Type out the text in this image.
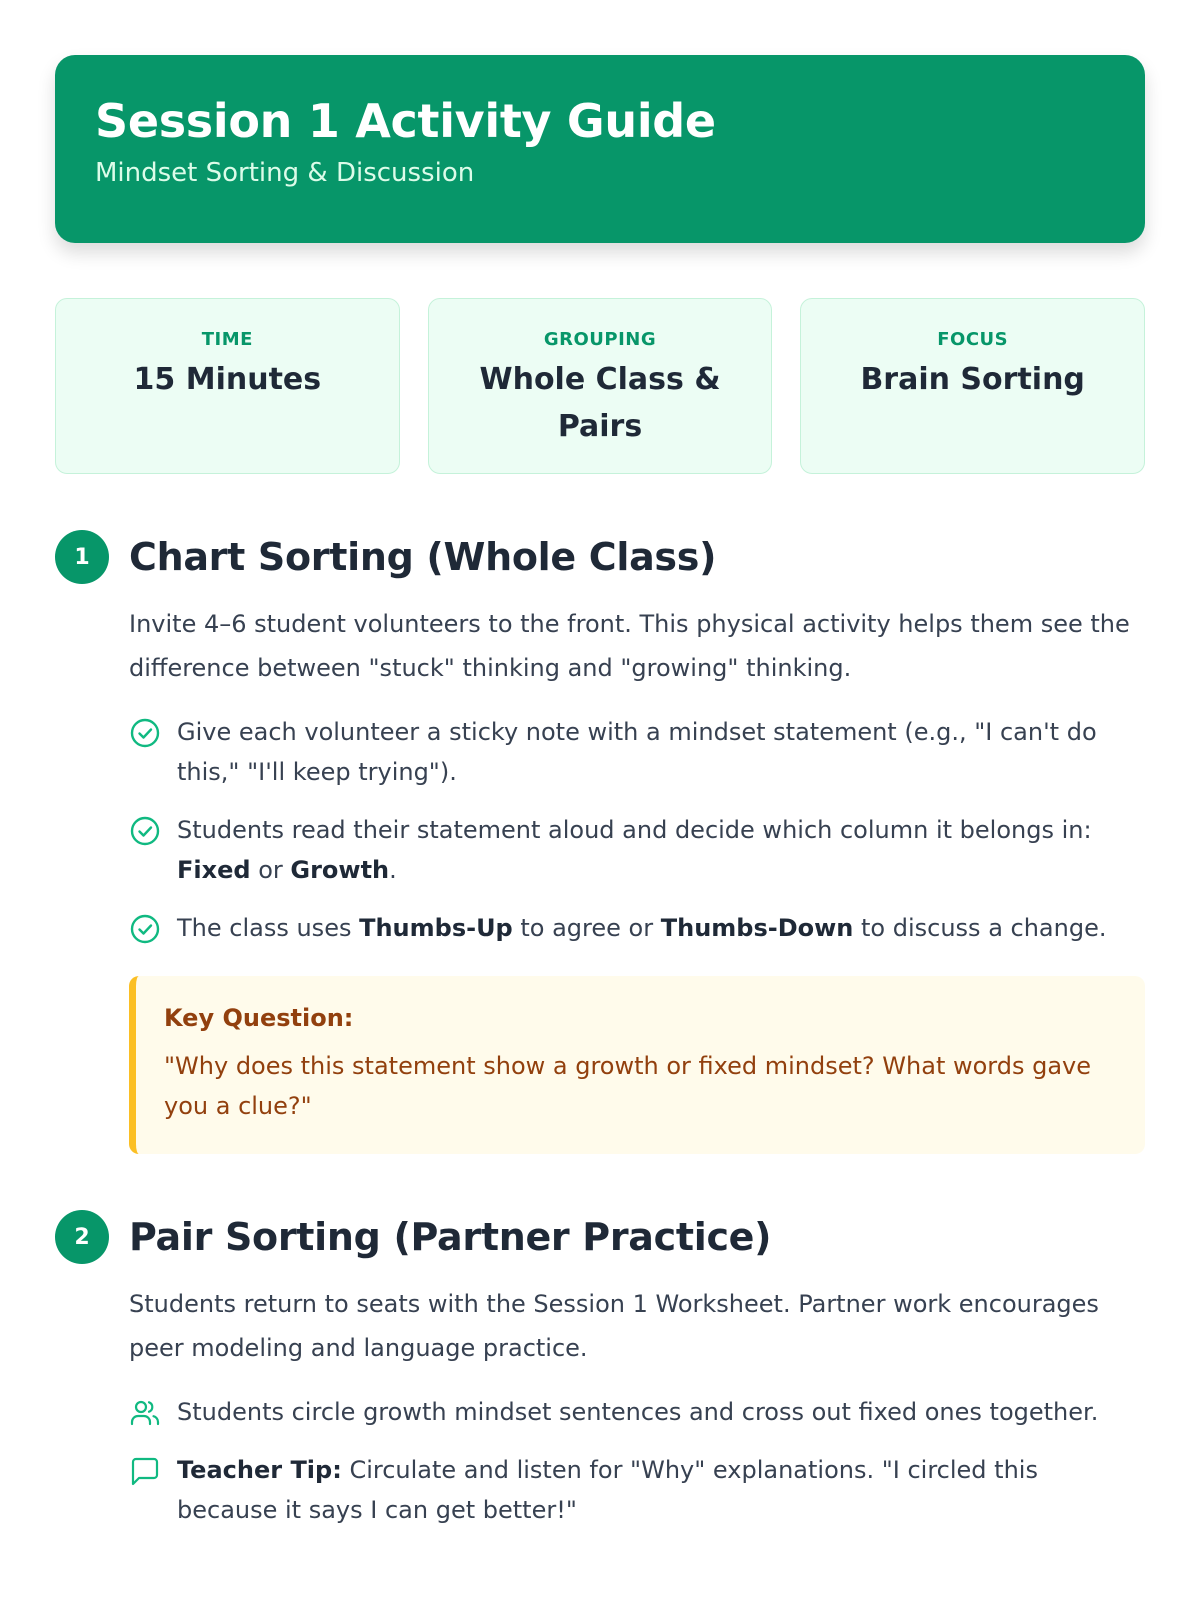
Session 1 Activity Guide
Mindset Sorting & Discussion
TIME
15 Minutes
GROUPING
Whole Class & Pairs
FOCUS
Brain Sorting
1	Chart Sorting (Whole Class)
Invite 4–6 student volunteers to the front. This physical activity helps them see the difference between "stuck" thinking and "growing" thinking.
Give each volunteer a sticky note with a mindset statement (e.g., "I can't do this," "I'll keep trying").
Students read their statement aloud and decide which column it belongs in: Fixed or Growth.
The class uses Thumbs-Up to agree or Thumbs-Down to discuss a change.
Key Question:
"Why does this statement show a growth or fixed mindset? What words gave you a clue?"
2	Pair Sorting (Partner Practice)
Students return to seats with the Session 1 Worksheet. Partner work encourages peer modeling and language practice.
Students circle growth mindset sentences and cross out fixed ones together.
Teacher Tip: Circulate and listen for "Why" explanations. "I circled this because it says I can get better!"
